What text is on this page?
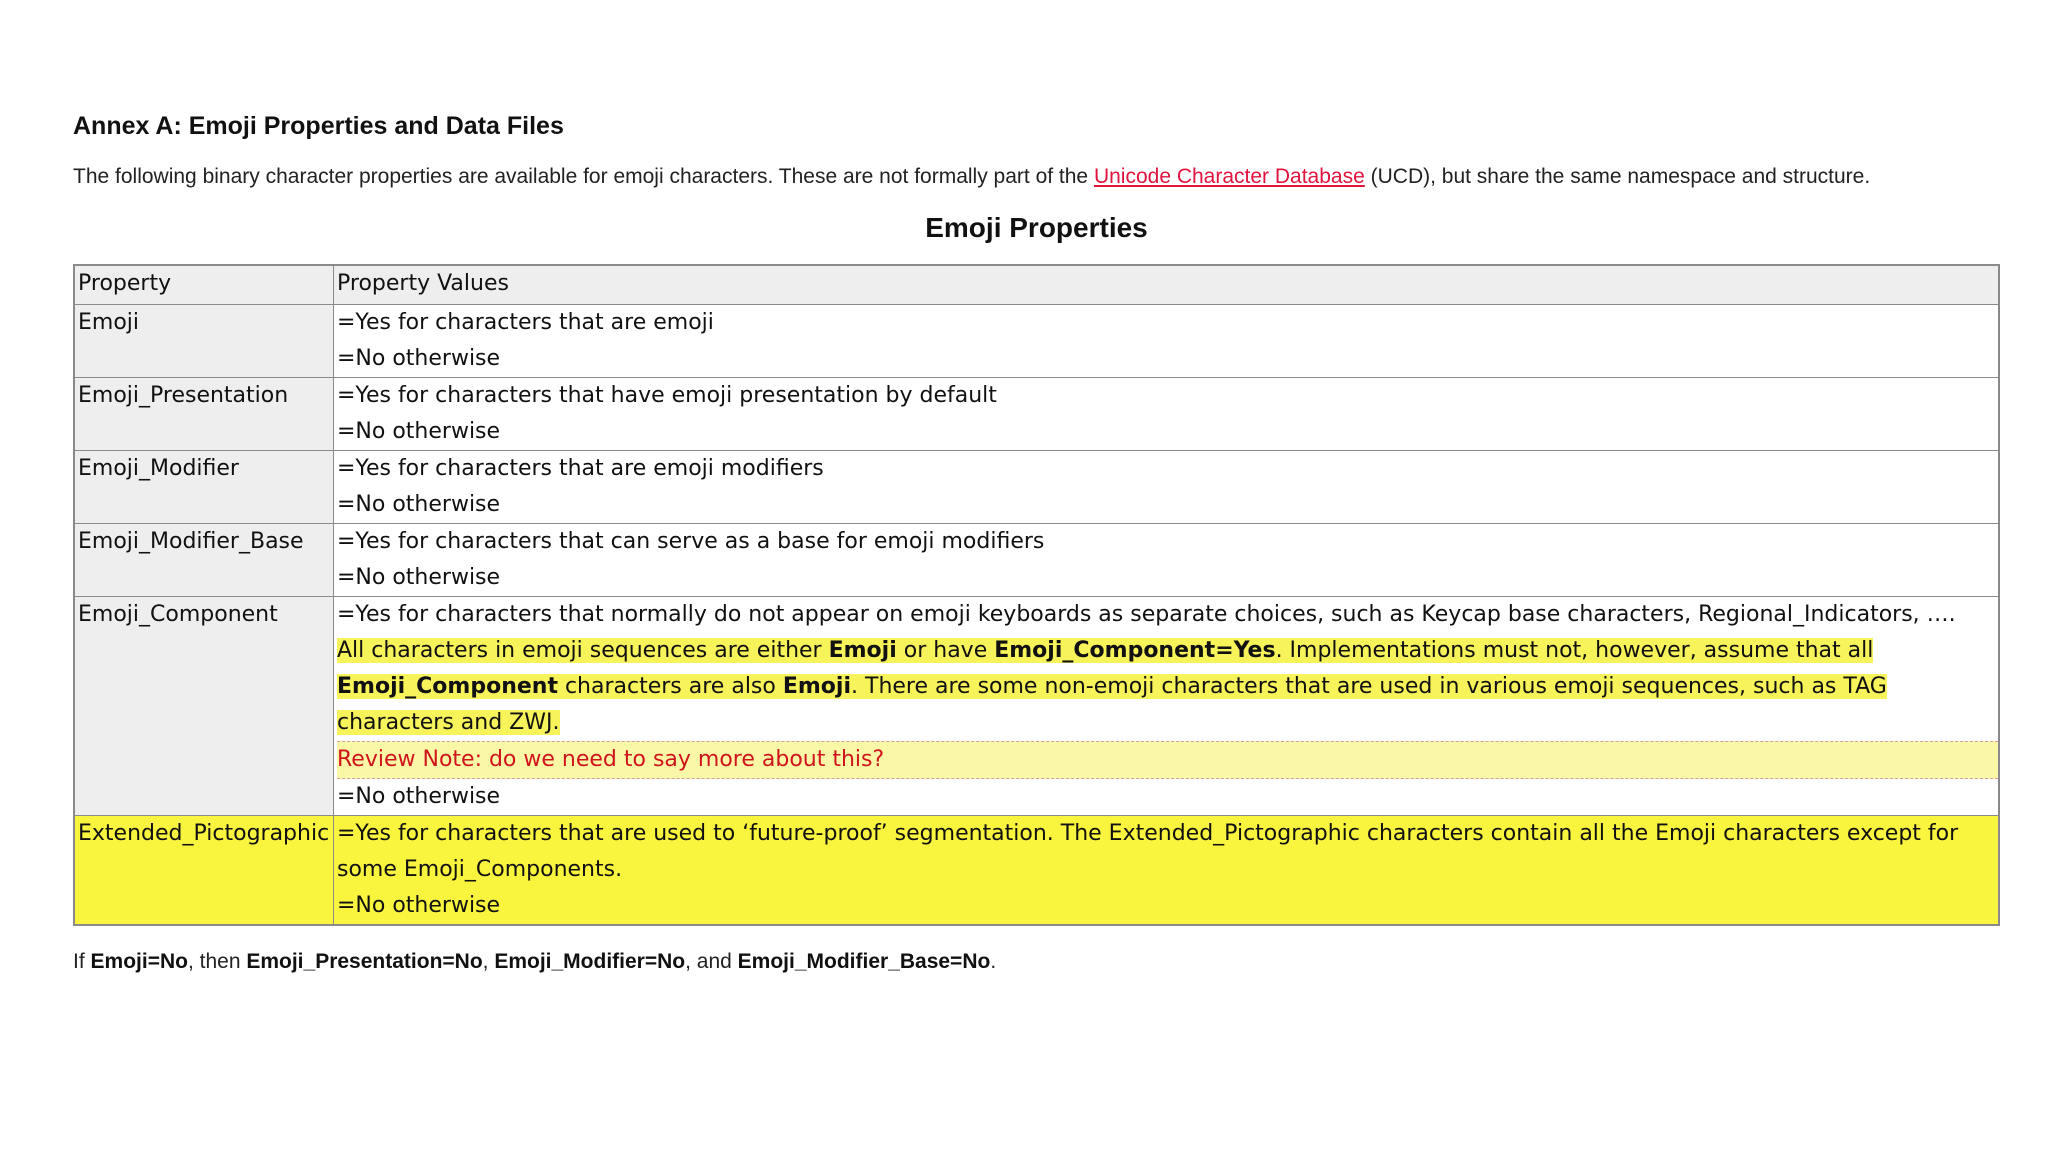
Annex A: Emoji Properties and Data Files

The following binary character properties are available for emoji characters. These are not formally part of the Unicode Character Database (UCD), but share the same namespace and structure.

Emoji Properties
Property	Property Values
Emoji	=Yes for characters that are emoji
=No otherwise

Emoji_Presentation	=Yes for characters that have emoji presentation by default
=No otherwise

Emoji_Modifier	=Yes for characters that are emoji modifiers
=No otherwise

Emoji_Modifier_Base	=Yes for characters that can serve as a base for emoji modifiers
=No otherwise

Emoji_Component	=Yes for characters that normally do not appear on emoji keyboards as separate choices, such as Keycap base characters, Regional_Indicators, ….
All characters in emoji sequences are either Emoji or have Emoji_Component=Yes. Implementations must not, however, assume that all Emoji_Component characters are also Emoji. There are some non-emoji characters that are used in various emoji sequences, such as TAG characters and ZWJ.
Review Note: do we need to say more about this?
=No otherwise

Extended_Pictographic	=Yes for characters that are used to ‘future-proof’ segmentation. The Extended_Pictographic characters contain all the Emoji characters except for some Emoji_Components.
=No otherwise
If Emoji=No, then Emoji_Presentation=No, Emoji_Modifier=No, and Emoji_Modifier_Base=No.
